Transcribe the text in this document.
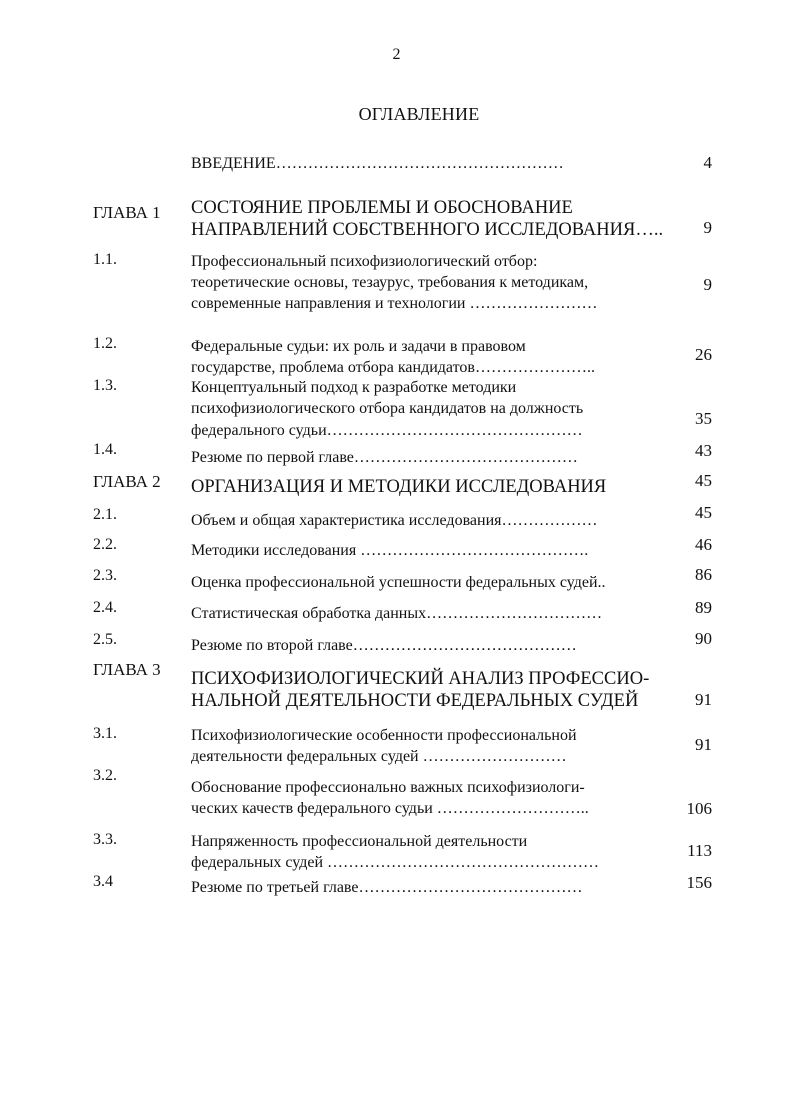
2
ОГЛАВЛЕНИЕ
ВВЕДЕНИЕ………………………………………………	4
ГЛАВА 1 СОСТОЯНИЕ ПРОБЛЕМЫ И ОБОСНОВАНИЕ
НАПРАВЛЕНИЙ СОБСТВЕННОГО ИССЛЕДОВАНИЯ…..	9
1.1.	Профессиональный психофизиологический отбор:
теоретические основы, тезаурус, требования к методикам,
современные направления и технологии ……………………
9
1.2.	Федеральные судьи: их роль и задачи в правовом
государстве, проблема отбора кандидатов…………………..
26
1.3.	Концептуальный подход к разработке методики
психофизиологического отбора кандидатов на должность
федерального судьи…………………………………………
35
1.4.	Резюме по первой главе……………………………………	43
ГЛАВА 2 ОРГАНИЗАЦИЯ И МЕТОДИКИ ИССЛЕДОВАНИЯ	45
2.1.	Объем и общая характеристика исследования………………	45
2.2.	Методики исследования …………………………………….	46
2.3.	Оценка профессиональной успешности федеральных судей..	86
2.4.	Статистическая обработка данных……………………………	89
2.5.	Резюме по второй главе……………………………………	90
ГЛАВА 3 ПСИХОФИЗИОЛОГИЧЕСКИЙ АНАЛИЗ ПРОФЕССИО-
НАЛЬНОЙ ДЕЯТЕЛЬНОСТИ ФЕДЕРАЛЬНЫХ СУДЕЙ	91
3.1.	Психофизиологические особенности профессиональной
деятельности федеральных судей ………………………
91
3.2.
Обоснование профессионально важных психофизиологи-
ческих качеств федерального судьи ………………………..	106
3.3.	Напряженность профессиональной деятельности
федеральных судей ……………………………………………
113
3.4	Резюме по третьей главе……………………………………	156
